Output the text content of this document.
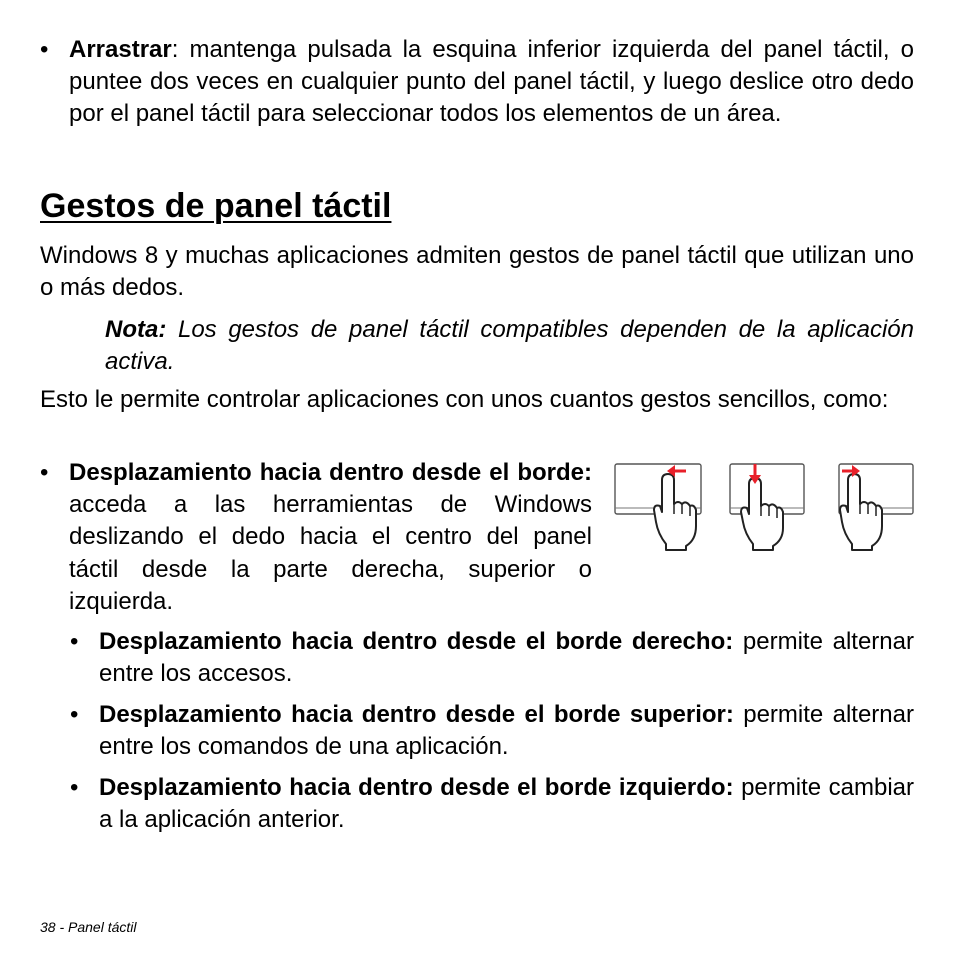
• Arrastrar: mantenga pulsada la esquina inferior izquierda del panel táctil, o puntee dos veces en cualquier punto del panel táctil, y luego deslice otro dedo por el panel táctil para seleccionar todos los elementos de un área.
Gestos de panel táctil
Windows 8 y muchas aplicaciones admiten gestos de panel táctil que utilizan uno o más dedos.
Nota: Los gestos de panel táctil compatibles dependen de la aplicación activa.
Esto le permite controlar aplicaciones con unos cuantos gestos sencillos, como:
• Desplazamiento hacia dentro desde el borde: acceda a las herramientas de Windows deslizando el dedo hacia el centro del panel táctil desde la parte derecha, superior o izquierda.
• Desplazamiento hacia dentro desde el borde derecho: permite alternar entre los accesos.
• Desplazamiento hacia dentro desde el borde superior: permite alternar entre los comandos de una aplicación.
• Desplazamiento hacia dentro desde el borde izquierdo: permite cambiar a la aplicación anterior.
38 - Panel táctil
